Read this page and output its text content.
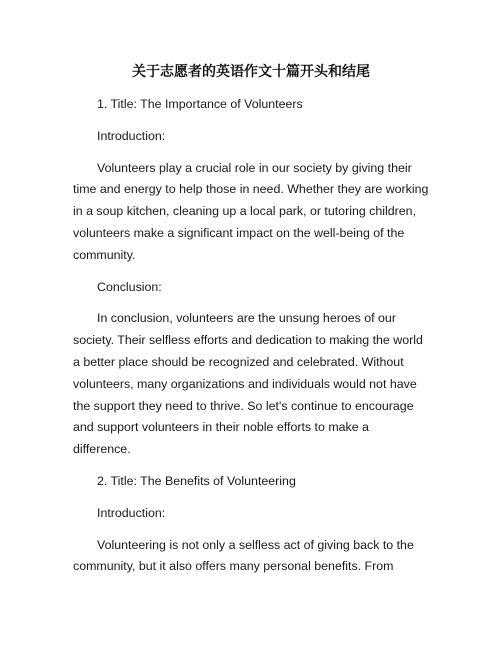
关于志愿者的英语作文十篇开头和结尾

1. Title: The Importance of Volunteers

Introduction:

Volunteers play a crucial role in our society by giving their time and energy to help those in need. Whether they are working in a soup kitchen, cleaning up a local park, or tutoring children, volunteers make a significant impact on the well-being of the community.

Conclusion:

In conclusion, volunteers are the unsung heroes of our society. Their selfless efforts and dedication to making the world a better place should be recognized and celebrated. Without volunteers, many organizations and individuals would not have the support they need to thrive. So let's continue to encourage and support volunteers in their noble efforts to make a difference.

2. Title: The Benefits of Volunteering

Introduction:

Volunteering is not only a selfless act of giving back to the community, but it also offers many personal benefits. From
